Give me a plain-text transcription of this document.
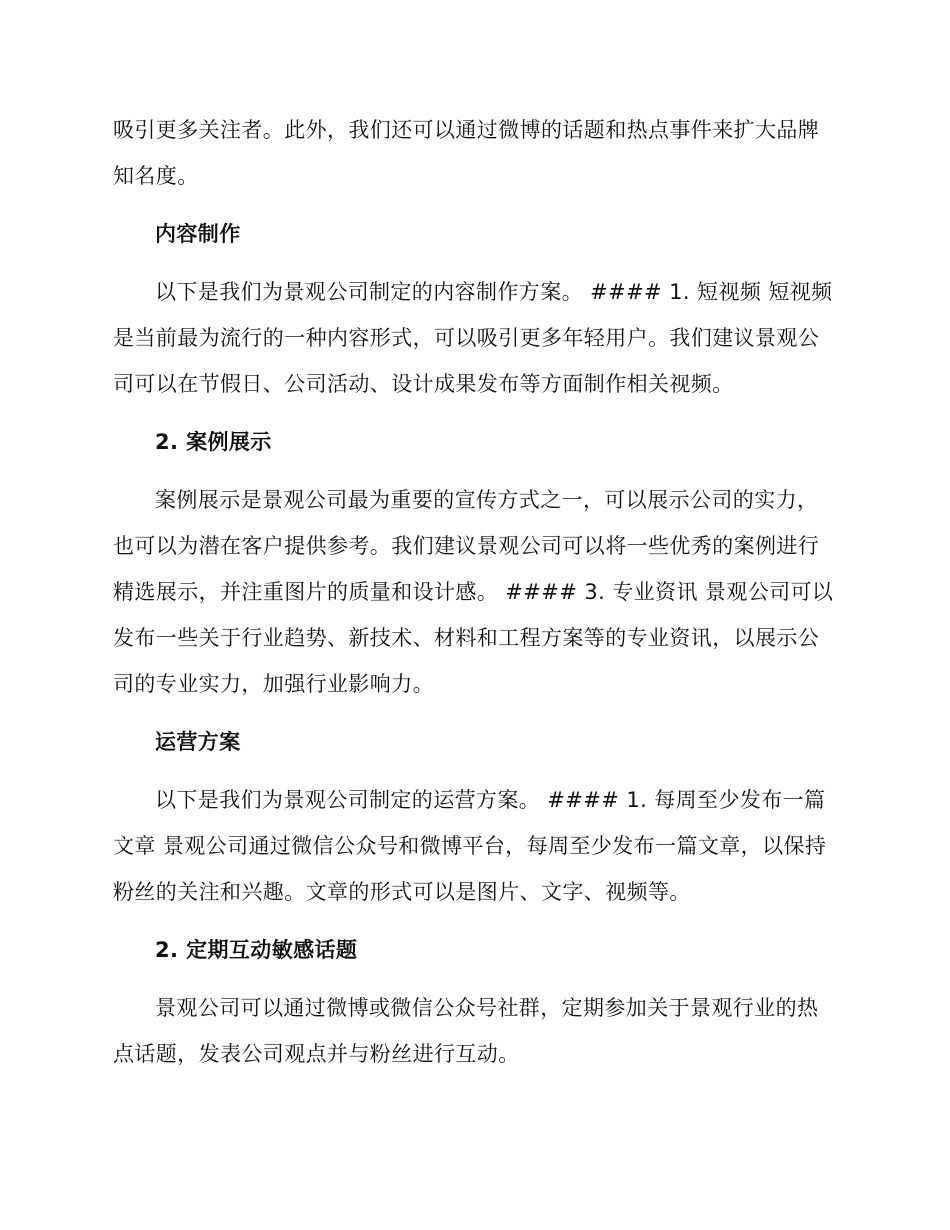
吸引更多关注者。此外，我们还可以通过微博的话题和热点事件来扩大品牌知名度。

内容制作

以下是我们为景观公司制定的内容制作方案。 #### 1. 短视频 短视频是当前最为流行的一种内容形式，可以吸引更多年轻用户。我们建议景观公司可以在节假日、公司活动、设计成果发布等方面制作相关视频。

2. 案例展示

案例展示是景观公司最为重要的宣传方式之一，可以展示公司的实力，也可以为潜在客户提供参考。我们建议景观公司可以将一些优秀的案例进行精选展示，并注重图片的质量和设计感。 #### 3. 专业资讯 景观公司可以发布一些关于行业趋势、新技术、材料和工程方案等的专业资讯，以展示公司的专业实力，加强行业影响力。

运营方案

以下是我们为景观公司制定的运营方案。 #### 1. 每周至少发布一篇文章 景观公司通过微信公众号和微博平台，每周至少发布一篇文章，以保持粉丝的关注和兴趣。文章的形式可以是图片、文字、视频等。

2. 定期互动敏感话题

景观公司可以通过微博或微信公众号社群，定期参加关于景观行业的热点话题，发表公司观点并与粉丝进行互动。
